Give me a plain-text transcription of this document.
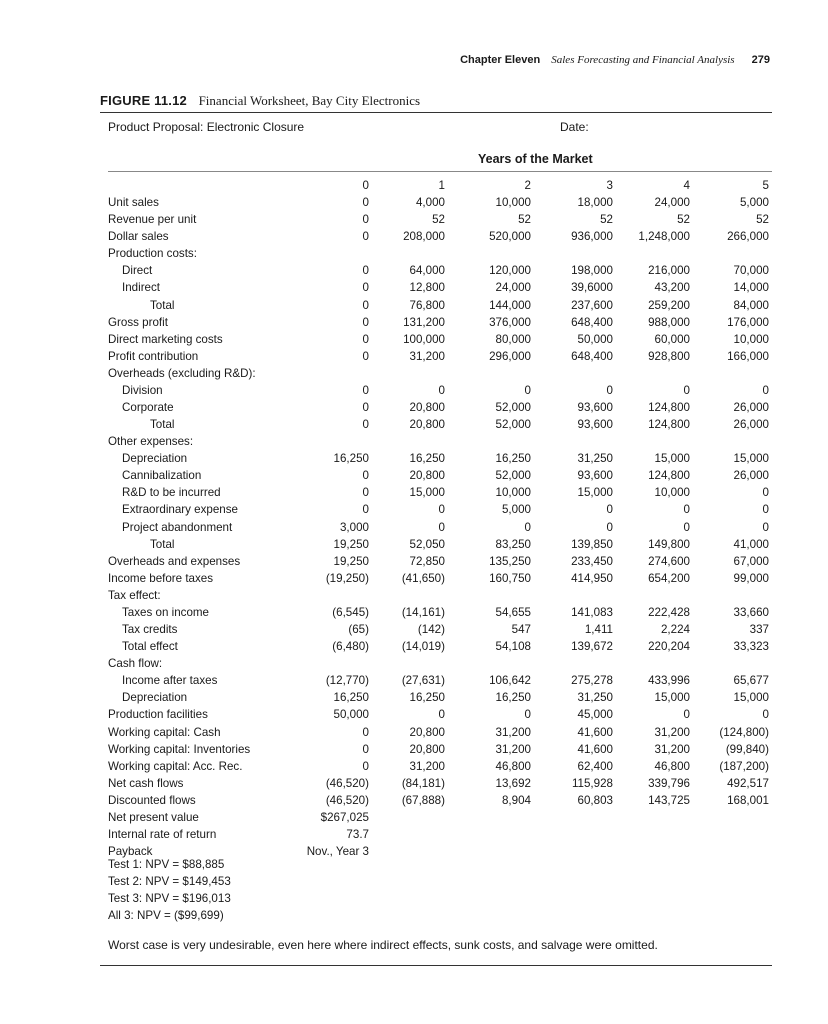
Chapter Eleven Sales Forecasting and Financial Analysis 279
FIGURE 11.12 Financial Worksheet, Bay City Electronics
Product Proposal: Electronic Closure	Date:
Years of the Market
0	1	2	3	4	5
Unit sales	0	4,000	10,000	18,000	24,000	5,000
Revenue per unit	0	52	52	52	52	52
Dollar sales	0	208,000	520,000	936,000	1,248,000	266,000
Production costs:
Direct	0	64,000	120,000	198,000	216,000	70,000
Indirect	0	12,800	24,000	39,6000	43,200	14,000
Total	0	76,800	144,000	237,600	259,200	84,000
Gross profit	0	131,200	376,000	648,400	988,000	176,000
Direct marketing costs	0	100,000	80,000	50,000	60,000	10,000
Profit contribution	0	31,200	296,000	648,400	928,800	166,000
Overheads (excluding R&D):
Division	0	0	0	0	0	0
Corporate	0	20,800	52,000	93,600	124,800	26,000
Total	0	20,800	52,000	93,600	124,800	26,000
Other expenses:
Depreciation	16,250	16,250	16,250	31,250	15,000	15,000
Cannibalization	0	20,800	52,000	93,600	124,800	26,000
R&D to be incurred	0	15,000	10,000	15,000	10,000	0
Extraordinary expense	0	0	5,000	0	0	0
Project abandonment	3,000	0	0	0	0	0
Total	19,250	52,050	83,250	139,850	149,800	41,000
Overheads and expenses	19,250	72,850	135,250	233,450	274,600	67,000
Income before taxes	(19,250)	(41,650)	160,750	414,950	654,200	99,000
Tax effect:
Taxes on income	(6,545)	(14,161)	54,655	141,083	222,428	33,660
Tax credits	(65)	(142)	547	1,411	2,224	337
Total effect	(6,480)	(14,019)	54,108	139,672	220,204	33,323
Cash flow:
Income after taxes	(12,770)	(27,631)	106,642	275,278	433,996	65,677
Depreciation	16,250	16,250	16,250	31,250	15,000	15,000
Production facilities	50,000	0	0	45,000	0	0
Working capital: Cash	0	20,800	31,200	41,600	31,200	(124,800)
Working capital: Inventories	0	20,800	31,200	41,600	31,200	(99,840)
Working capital: Acc. Rec.	0	31,200	46,800	62,400	46,800	(187,200)
Net cash flows	(46,520)	(84,181)	13,692	115,928	339,796	492,517
Discounted flows	(46,520)	(67,888)	8,904	60,803	143,725	168,001
Net present value	$267,025
Internal rate of return	73.7
Payback	Nov., Year 3
Test 1: NPV = $88,885
Test 2: NPV = $149,453
Test 3: NPV = $196,013
All 3: NPV = ($99,699)
Worst case is very undesirable, even here where indirect effects, sunk costs, and salvage were omitted.
